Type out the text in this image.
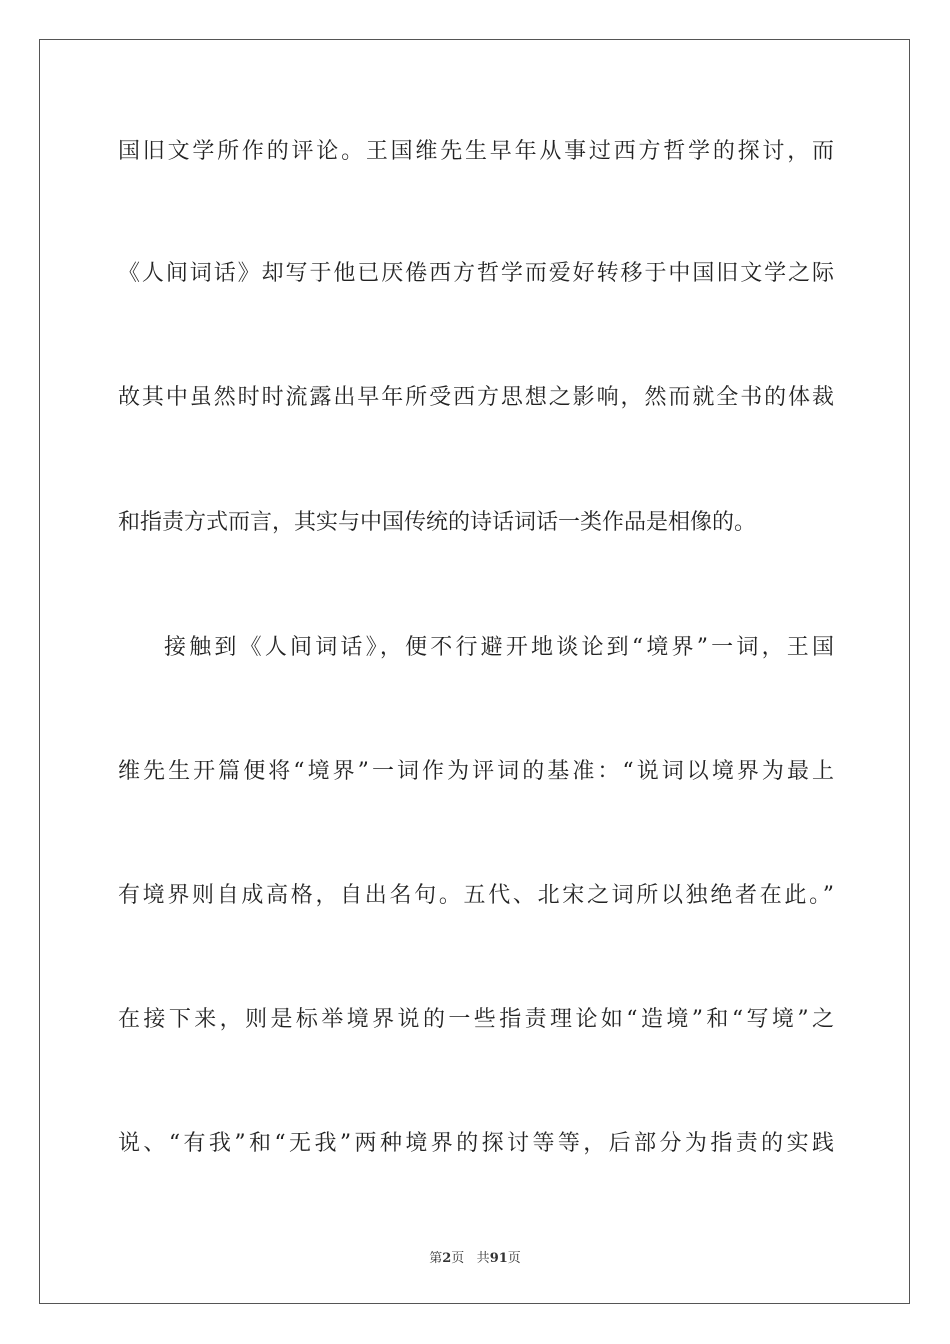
国旧文学所作的评论。王国维先生早年从事过西方哲学的探讨，而
《人间词话》却写于他已厌倦西方哲学而爱好转移于中国旧文学之际
故其中虽然时时流露出早年所受西方思想之影响，然而就全书的体裁
和指责方式而言，其实与中国传统的诗话词话一类作品是相像的。
接触到《人间词话》，便不行避开地谈论到“境界”一词，王国
维先生开篇便将“境界”一词作为评词的基准：“说词以境界为最上
有境界则自成高格，自出名句。五代、北宋之词所以独绝者在此。”
在接下来，则是标举境界说的一些指责理论如“造境”和“写境”之
说、“有我”和“无我”两种境界的探讨等等，后部分为指责的实践
第2页 共91页
